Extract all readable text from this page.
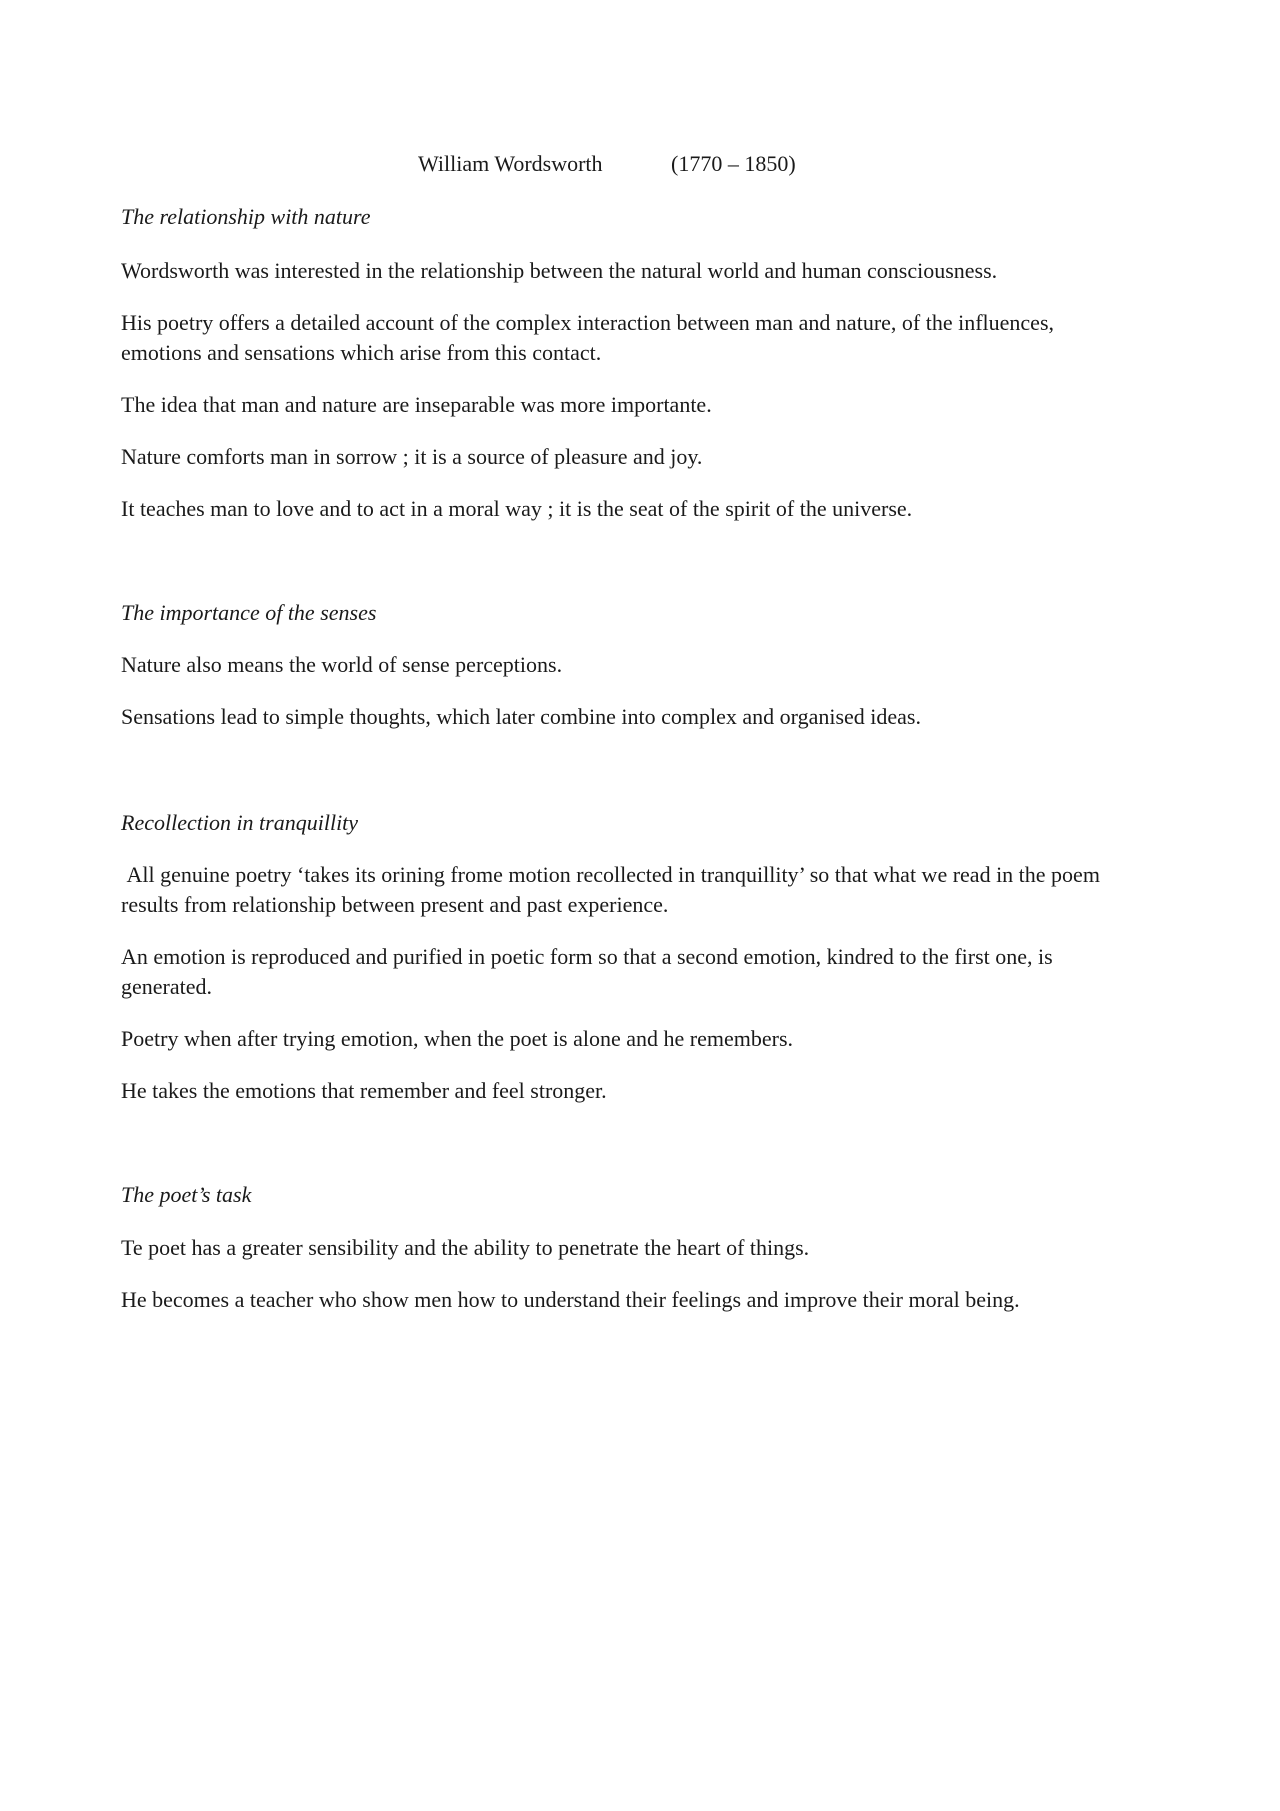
William Wordsworth	(1770 – 1850)

The relationship with nature

Wordsworth was interested in the relationship between the natural world and human consciousness.

His poetry offers a detailed account of the complex interaction between man and nature, of the influences, emotions and sensations which arise from this contact.

The idea that man and nature are inseparable was more importante.

Nature comforts man in sorrow ; it is a source of pleasure and joy.

It teaches man to love and to act in a moral way ; it is the seat of the spirit of the universe.

The importance of the senses

Nature also means the world of sense perceptions.

Sensations lead to simple thoughts, which later combine into complex and organised ideas.

Recollection in tranquillity

All genuine poetry ‘takes its orining frome motion recollected in tranquillity’ so that what we read in the poem results from relationship between present and past experience.

An emotion is reproduced and purified in poetic form so that a second emotion, kindred to the first one, is generated.

Poetry when after trying emotion, when the poet is alone and he remembers.

He takes the emotions that remember and feel stronger.

The poet’s task

Te poet has a greater sensibility and the ability to penetrate the heart of things.

He becomes a teacher who show men how to understand their feelings and improve their moral being.
